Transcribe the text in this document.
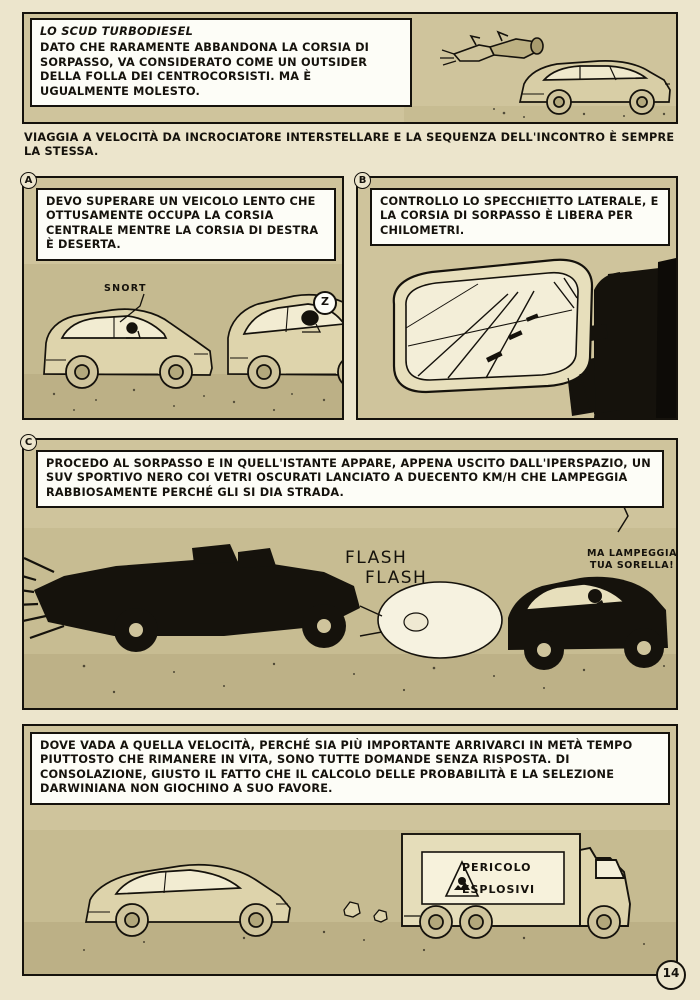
LO SCUD TURBODIESEL
DATO CHE RARAMENTE ABBANDONA LA CORSIA DI SORPASSO, VA CONSIDERATO COME UN OUTSIDER DELLA FOLLA DEI CENTROCORSISTI. MA È UGUALMENTE MOLESTO.
VIAGGIA A VELOCITÀ DA INCROCIATORE INTERSTELLARE E LA SEQUENZA DELL'INCONTRO È SEMPRE LA STESSA.
A
DEVO SUPERARE UN VEICOLO LENTO CHE OTTUSAMENTE OCCUPA LA CORSIA CENTRALE MENTRE LA CORSIA DI DESTRA È DESERTA.
SNORT
Z
B
CONTROLLO LO SPECCHIETTO LATERALE, E LA CORSIA DI SORPASSO È LIBERA PER CHILOMETRI.
C
PROCEDO AL SORPASSO E IN QUELL'ISTANTE APPARE, APPENA USCITO DALL'IPERSPAZIO, UN SUV SPORTIVO NERO COI VETRI OSCURATI LANCIATO A DUECENTO KM/H CHE LAMPEGGIA RABBIOSAMENTE PERCHÉ GLI SI DIA STRADA.
FLASH
FLASH
MA LAMPEGGIA TUA SORELLA!
DOVE VADA A QUELLA VELOCITÀ, PERCHÉ SIA PIÙ IMPORTANTE ARRIVARCI IN METÀ TEMPO PIUTTOSTO CHE RIMANERE IN VITA, SONO TUTTE DOMANDE SENZA RISPOSTA. DI CONSOLAZIONE, GIUSTO IL FATTO CHE IL CALCOLO DELLE PROBABILITÀ E LA SELEZIONE DARWINIANA NON GIOCHINO A SUO FAVORE.
PERICOLO
ESPLOSIVI
14
